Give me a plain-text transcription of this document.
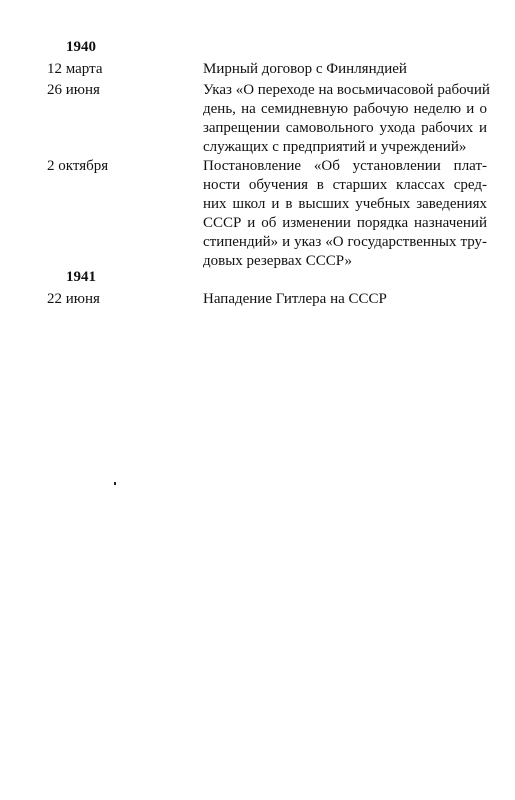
1940
12 марта	Мирный договор с Финляндией
26 июня	Указ «О переходе на восьмичасовой рабочий
день, на семидневную рабочую неделю и о
запрещении самовольного ухода рабочих и
служащих с предприятий и учреждений»
2 октября	Постановление «Об установлении плат-
ности обучения в старших классах сред-
них школ и в высших учебных заведениях
СССР и об изменении порядка назначений
стипендий» и указ «О государственных тру-
довых резервах СССР»
1941
22 июня	Нападение Гитлера на СССР
